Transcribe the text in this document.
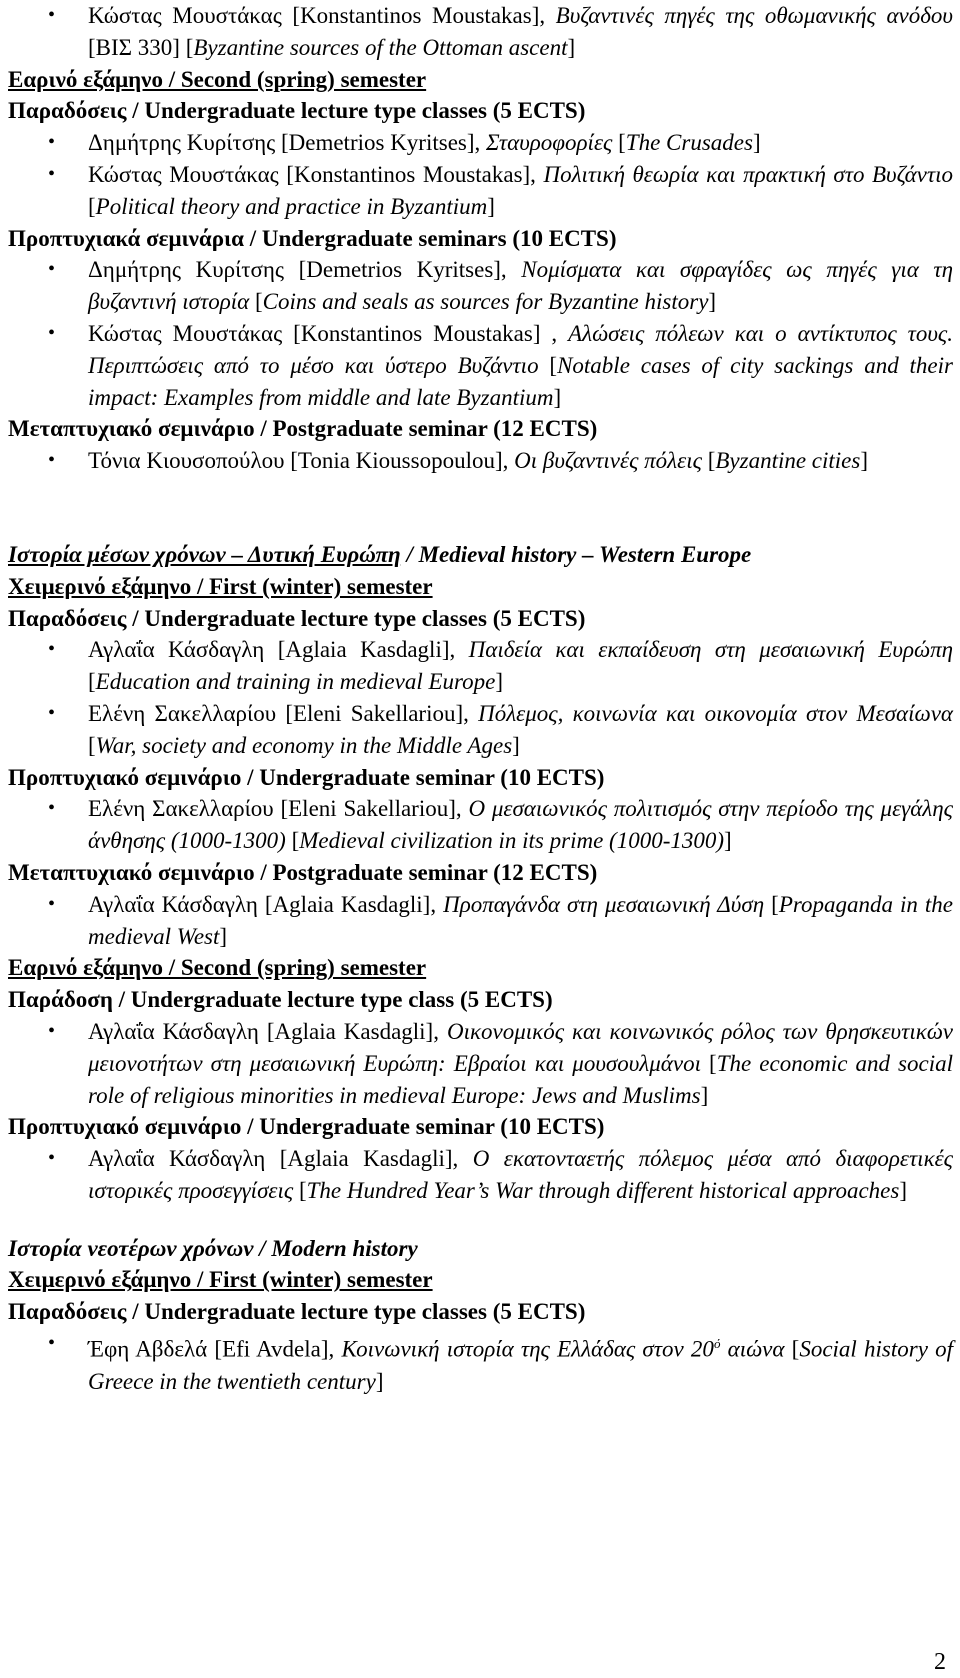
• Κώστας Μουστάκας [Konstantinos Moustakas], Βυζαντινές πηγές της οθωμανικής ανόδου [ΒΙΣ 330] [Byzantine sources of the Ottoman ascent]

Εαρινό εξάμηνο / Second (spring) semester
Παραδόσεις / Undergraduate lecture type classes (5 ECTS)
• Δημήτρης Κυρίτσης [Demetrios Kyritses], Σταυροφορίες [The Crusades]

• Κώστας Μουστάκας [Konstantinos Moustakas], Πολιτική θεωρία και πρακτική στο Βυζάντιο [Political theory and practice in Byzantium]

Προπτυχιακά σεμινάρια / Undergraduate seminars (10 ECTS)
• Δημήτρης Κυρίτσης [Demetrios Kyritses], Νομίσματα και σφραγίδες ως πηγές για τη βυζαντινή ιστορία [Coins and seals as sources for Byzantine history]

• Κώστας Μουστάκας [Konstantinos Moustakas] , Αλώσεις πόλεων και ο αντίκτυπος τους. Περιπτώσεις από το μέσο και ύστερο Βυζάντιο [Notable cases of city sackings and their impact: Examples from middle and late Byzantium]

Μεταπτυχιακό σεμινάριο / Postgraduate seminar (12 ECTS)
• Τόνια Κιουσοπούλου [Tonia Kioussopoulou], Οι βυζαντινές πόλεις [Byzantine cities]

Ιστορία μέσων χρόνων – Δυτική Ευρώπη / Medieval history – Western Europe
Χειμερινό εξάμηνο / First (winter) semester
Παραδόσεις / Undergraduate lecture type classes (5 ECTS)
• Αγλαΐα Κάσδαγλη [Aglaia Kasdagli], Παιδεία και εκπαίδευση στη μεσαιωνική Ευρώπη [Education and training in medieval Europe]

• Ελένη Σακελλαρίου [Eleni Sakellariou], Πόλεμος, κοινωνία και οικονομία στον Μεσαίωνα [War, society and economy in the Middle Ages]

Προπτυχιακό σεμινάριο / Undergraduate seminar (10 ECTS)
• Ελένη Σακελλαρίου [Eleni Sakellariou], Ο μεσαιωνικός πολιτισμός στην περίοδο της μεγάλης άνθησης (1000-1300) [Medieval civilization in its prime (1000-1300)]

Μεταπτυχιακό σεμινάριο / Postgraduate seminar (12 ECTS)
• Αγλαΐα Κάσδαγλη [Aglaia Kasdagli], Προπαγάνδα στη μεσαιωνική Δύση [Propaganda in the medieval West]

Εαρινό εξάμηνο / Second (spring) semester
Παράδοση / Undergraduate lecture type class (5 ECTS)
• Αγλαΐα Κάσδαγλη [Aglaia Kasdagli], Οικονομικός και κοινωνικός ρόλος των θρησκευτικών μειονοτήτων στη μεσαιωνική Ευρώπη: Εβραίοι και μουσουλμάνοι [The economic and social role of religious minorities in medieval Europe: Jews and Muslims]

Προπτυχιακό σεμινάριο / Undergraduate seminar (10 ECTS)
• Αγλαΐα Κάσδαγλη [Aglaia Kasdagli], Ο εκατονταετής πόλεμος μέσα από διαφορετικές ιστορικές προσεγγίσεις [The Hundred Year’s War through different historical approaches]

Ιστορία νεοτέρων χρόνων / Modern history
Χειμερινό εξάμηνο / First (winter) semester
Παραδόσεις / Undergraduate lecture type classes (5 ECTS)
• Έφη Αβδελά [Efi Avdela], Κοινωνική ιστορία της Ελλάδας στον $20^ό$ αιώνα [Social history of Greece in the twentieth century]

2
